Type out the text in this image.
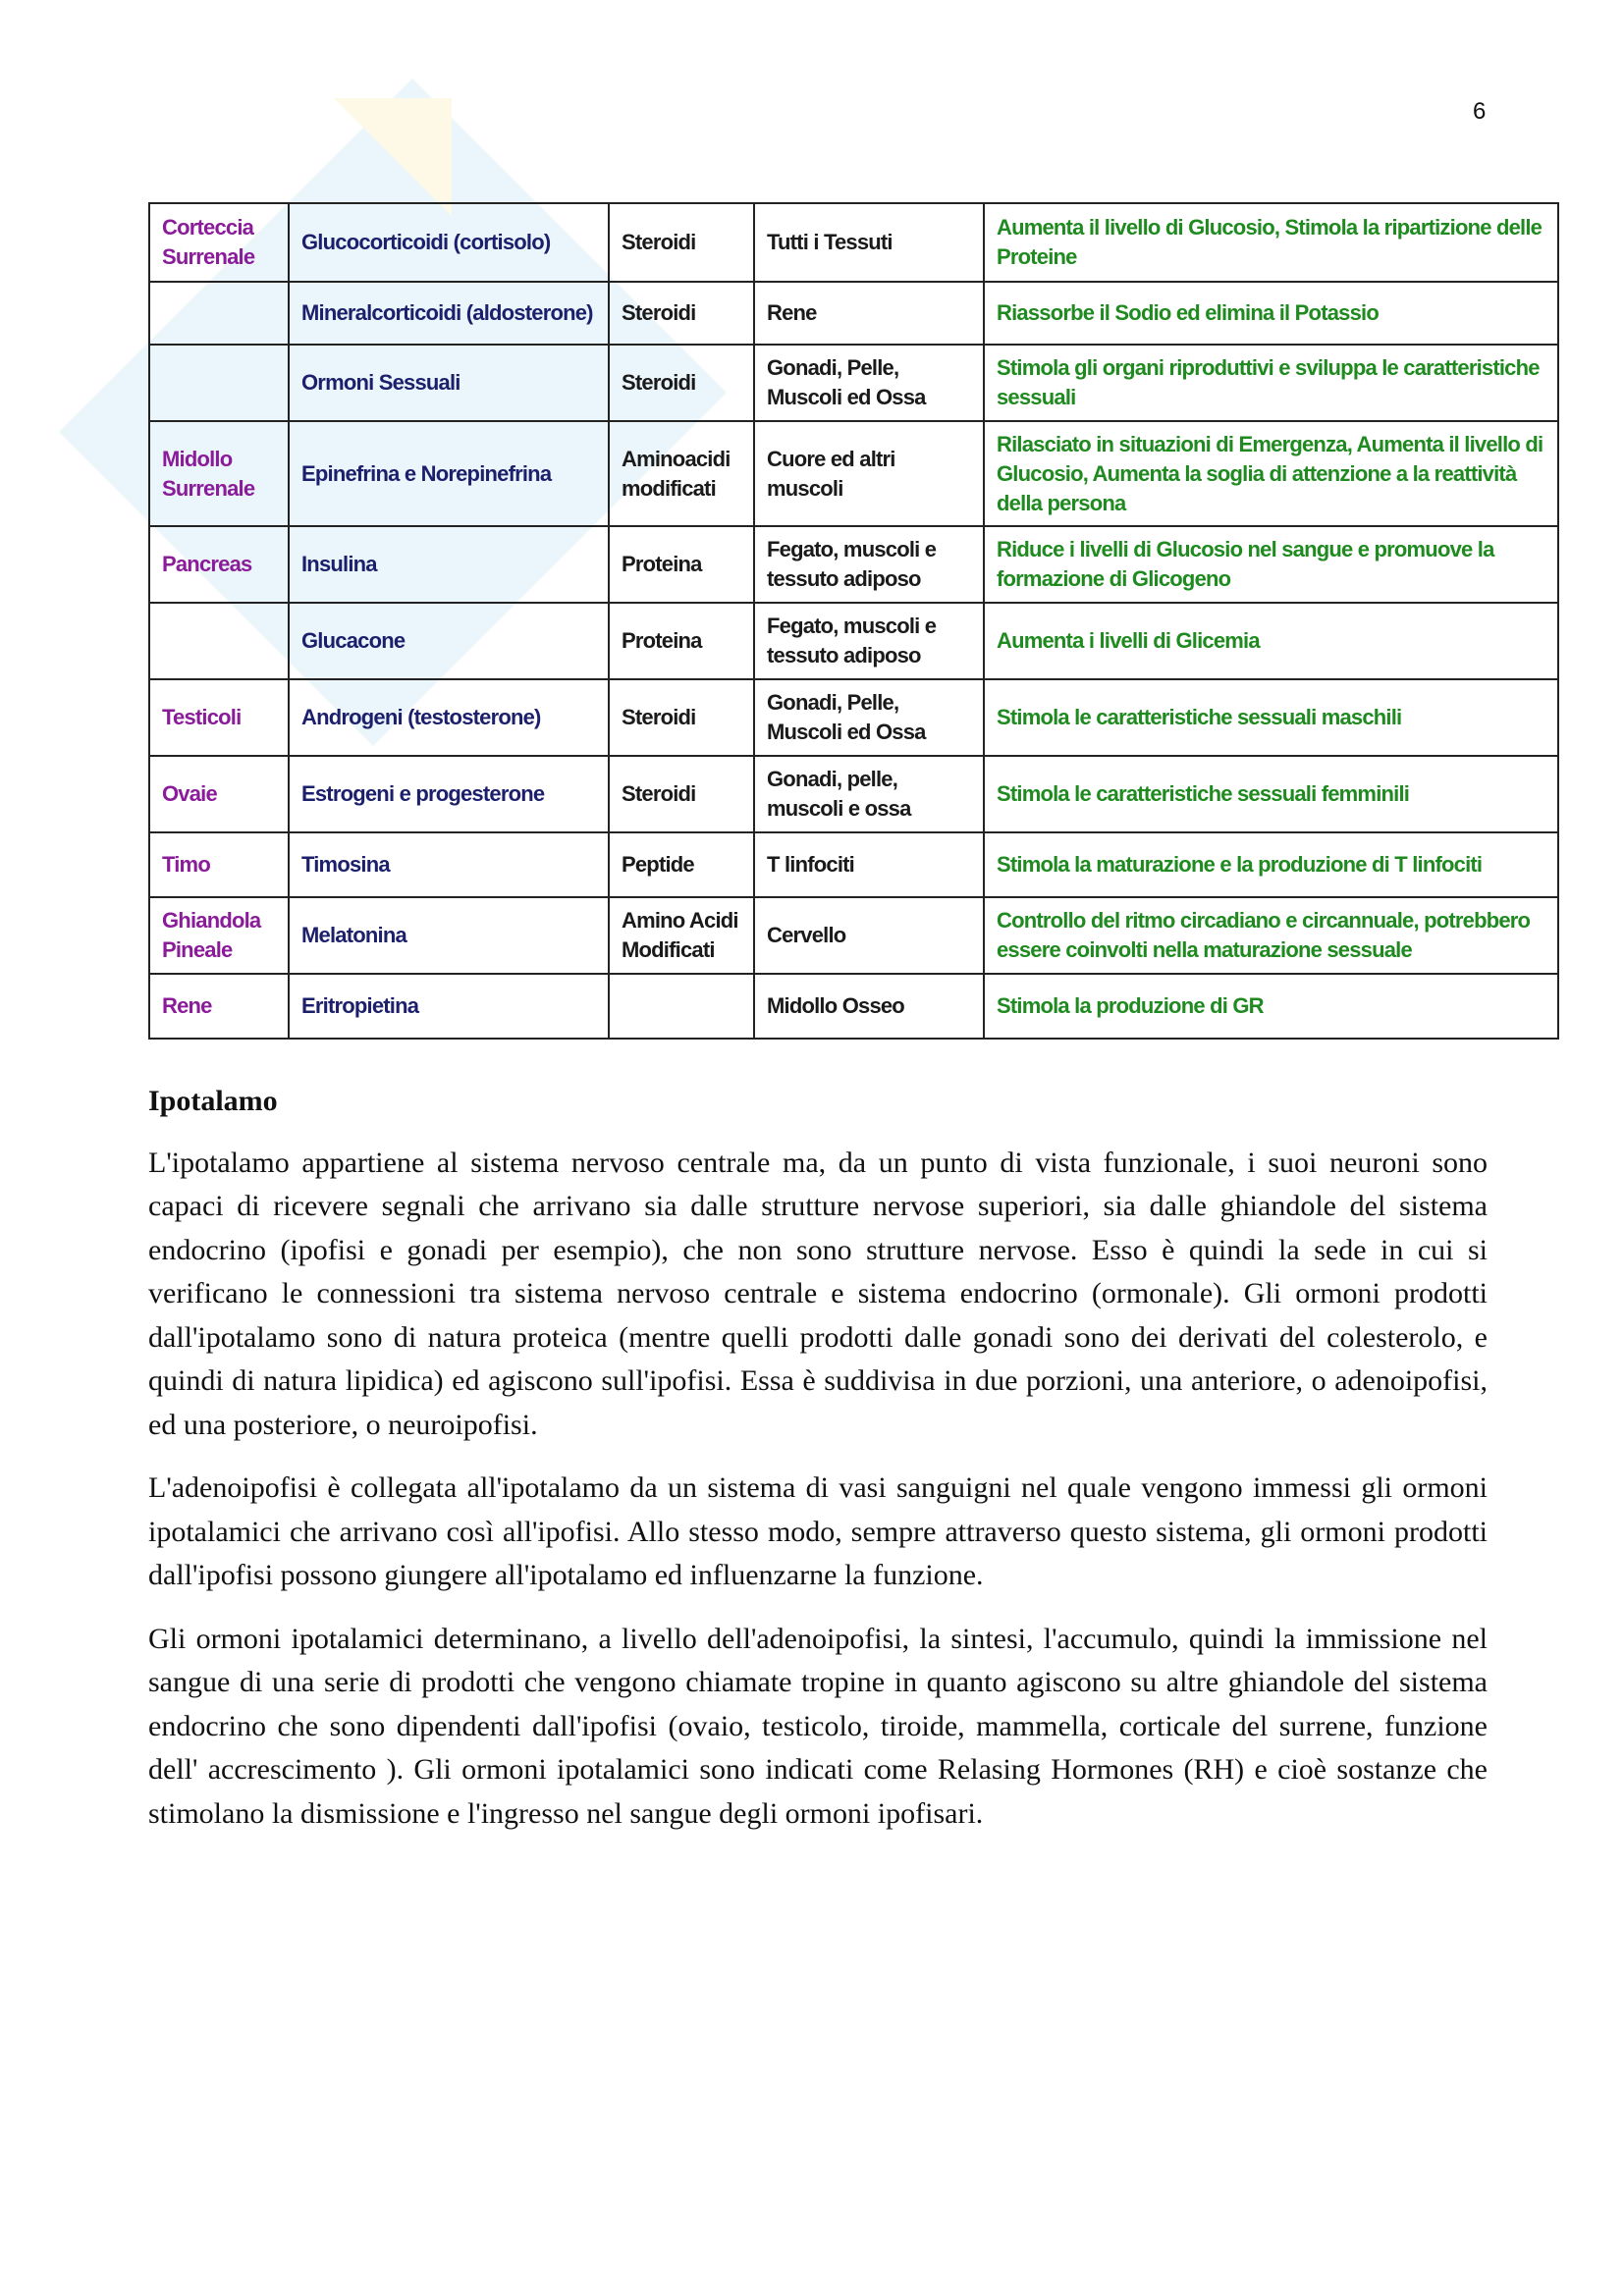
6
Corteccia Surrenale	Glucocorticoidi (cortisolo)	Steroidi	Tutti i Tessuti	Aumenta il livello di Glucosio, Stimola la ripartizione delle Proteine
	Mineralcorticoidi (aldosterone)	Steroidi	Rene	Riassorbe il Sodio ed elimina il Potassio
	Ormoni Sessuali	Steroidi	Gonadi, Pelle, Muscoli ed Ossa	Stimola gli organi riproduttivi e sviluppa le caratteristiche sessuali
Midollo Surrenale	Epinefrina e Norepinefrina	Aminoacidi modificati	Cuore ed altri muscoli	Rilasciato in situazioni di Emergenza, Aumenta il livello di Glucosio, Aumenta la soglia di attenzione a la reattività della persona
Pancreas	Insulina	Proteina	Fegato, muscoli e tessuto adiposo	Riduce i livelli di Glucosio nel sangue e promuove la formazione di Glicogeno
	Glucacone	Proteina	Fegato, muscoli e tessuto adiposo	Aumenta i livelli di Glicemia
Testicoli	Androgeni (testosterone)	Steroidi	Gonadi, Pelle, Muscoli ed Ossa	Stimola le caratteristiche sessuali maschili
Ovaie	Estrogeni e progesterone	Steroidi	Gonadi, pelle, muscoli e ossa	Stimola le caratteristiche sessuali femminili
Timo	Timosina	Peptide	T linfociti	Stimola la maturazione e la produzione di T linfociti
Ghiandola Pineale	Melatonina	Amino Acidi Modificati	Cervello	Controllo del ritmo circadiano e circannuale, potrebbero essere coinvolti nella maturazione sessuale
Rene	Eritropietina		Midollo Osseo	Stimola la produzione di GR
Ipotalamo

L'ipotalamo appartiene al sistema nervoso centrale ma, da un punto di vista funzionale, i suoi neuroni sono capaci di ricevere segnali che arrivano sia dalle strutture nervose superiori, sia dalle ghiandole del sistema endocrino (ipofisi e gonadi per esempio), che non sono strutture nervose. Esso è quindi la sede in cui si verificano le connessioni tra sistema nervoso centrale e sistema endocrino (ormonale). Gli ormoni prodotti dall'ipotalamo sono di natura proteica (mentre quelli prodotti dalle gonadi sono dei derivati del colesterolo, e quindi di natura lipidica) ed agiscono sull'ipofisi. Essa è suddivisa in due porzioni, una anteriore, o adenoipofisi, ed una posteriore, o neuroipofisi.

L'adenoipofisi è collegata all'ipotalamo da un sistema di vasi sanguigni nel quale vengono immessi gli ormoni ipotalamici che arrivano così all'ipofisi. Allo stesso modo, sempre attraverso questo sistema, gli ormoni prodotti dall'ipofisi possono giungere all'ipotalamo ed influenzarne la funzione.

Gli ormoni ipotalamici determinano, a livello dell'adenoipofisi, la sintesi, l'accumulo, quindi la immissione nel sangue di una serie di prodotti che vengono chiamate tropine in quanto agiscono su altre ghiandole del sistema endocrino che sono dipendenti dall'ipofisi (ovaio, testicolo, tiroide, mammella, corticale del surrene, funzione dell' accrescimento ). Gli ormoni ipotalamici sono indicati come Relasing Hormones (RH) e cioè sostanze che stimolano la dismissione e l'ingresso nel sangue degli ormoni ipofisari.
